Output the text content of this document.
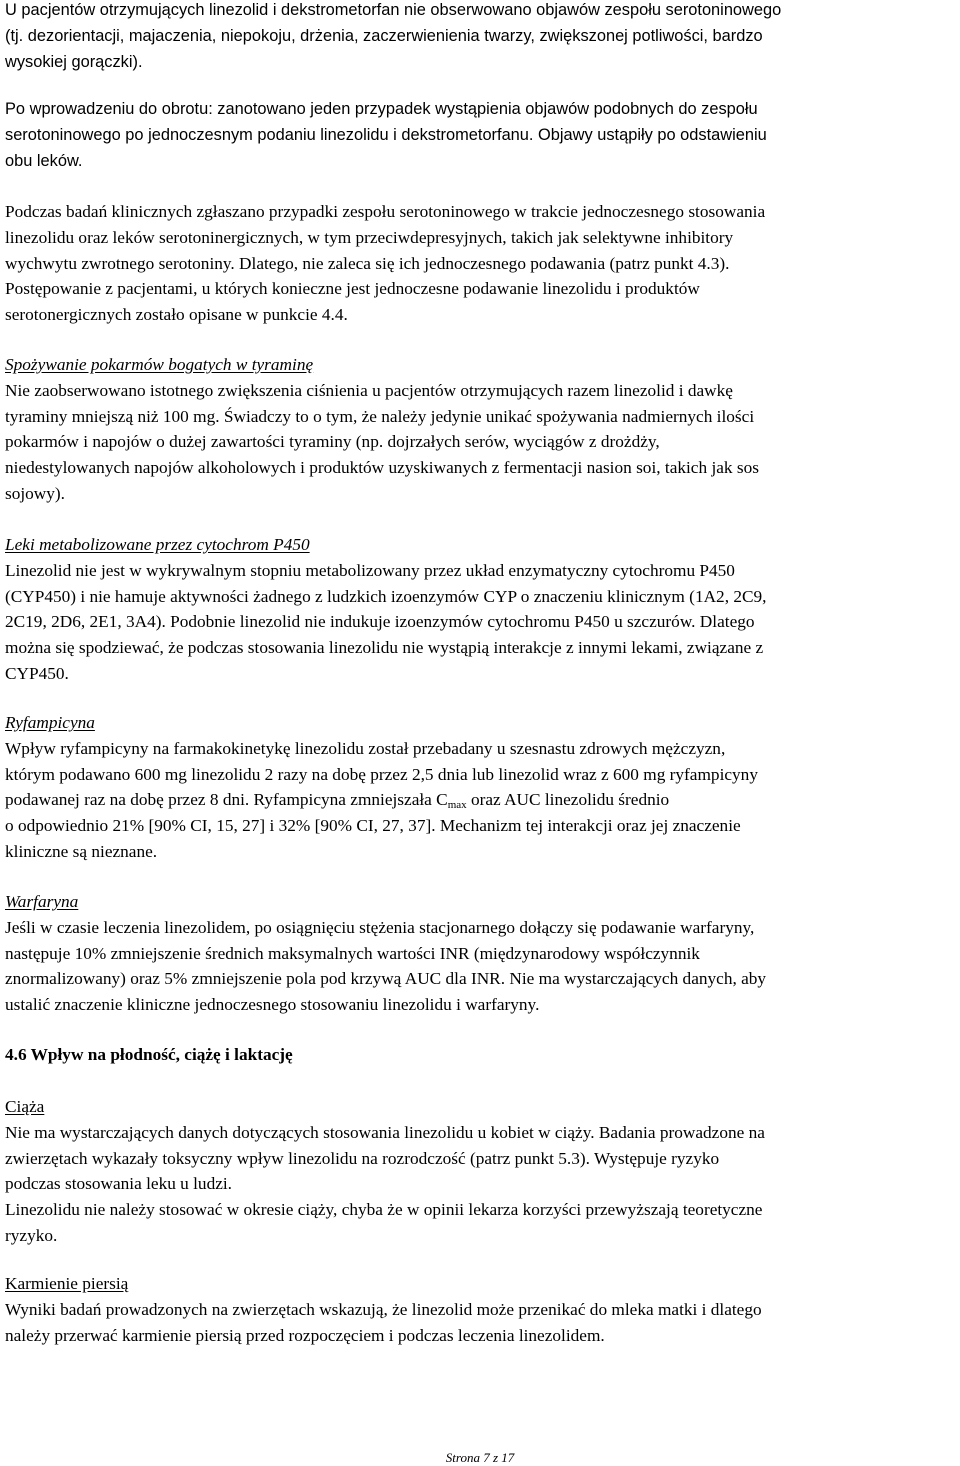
U pacjentów otrzymujących linezolid i dekstrometorfan nie obserwowano objawów zespołu serotoninowego
(tj. dezorientacji, majaczenia, niepokoju, drżenia, zaczerwienienia twarzy, zwiększonej potliwości, bardzo
wysokiej gorączki).
Po wprowadzeniu do obrotu: zanotowano jeden przypadek wystąpienia objawów podobnych do zespołu
serotoninowego po jednoczesnym podaniu linezolidu i dekstrometorfanu. Objawy ustąpiły po odstawieniu
obu leków.
Podczas badań klinicznych zgłaszano przypadki zespołu serotoninowego w trakcie jednoczesnego stosowania
linezolidu oraz leków serotoninergicznych, w tym przeciwdepresyjnych, takich jak selektywne inhibitory
wychwytu zwrotnego serotoniny. Dlatego, nie zaleca się ich jednoczesnego podawania (patrz punkt 4.3).
Postępowanie z pacjentami, u których konieczne jest jednoczesne podawanie linezolidu i produktów
serotonergicznych zostało opisane w punkcie 4.4.
Spożywanie pokarmów bogatych w tyraminę
Nie zaobserwowano istotnego zwiększenia ciśnienia u pacjentów otrzymujących razem linezolid i dawkę
tyraminy mniejszą niż 100 mg. Świadczy to o tym, że należy jedynie unikać spożywania nadmiernych ilości
pokarmów i napojów o dużej zawartości tyraminy (np. dojrzałych serów, wyciągów z drożdży,
niedestylowanych napojów alkoholowych i produktów uzyskiwanych z fermentacji nasion soi, takich jak sos
sojowy).
Leki metabolizowane przez cytochrom P450
Linezolid nie jest w wykrywalnym stopniu metabolizowany przez układ enzymatyczny cytochromu P450
(CYP450) i nie hamuje aktywności żadnego z ludzkich izoenzymów CYP o znaczeniu klinicznym (1A2, 2C9,
2C19, 2D6, 2E1, 3A4). Podobnie linezolid nie indukuje izoenzymów cytochromu P450 u szczurów. Dlatego
można się spodziewać, że podczas stosowania linezolidu nie wystąpią interakcje z innymi lekami, związane z
CYP450.
Ryfampicyna
Wpływ ryfampicyny na farmakokinetykę linezolidu został przebadany u szesnastu zdrowych mężczyzn,
którym podawano 600 mg linezolidu 2 razy na dobę przez 2,5 dnia lub linezolid wraz z 600 mg ryfampicyny
podawanej raz na dobę przez 8 dni. Ryfampicyna zmniejszała $C_{max}$ oraz AUC linezolidu średnio
o odpowiednio 21% [90% CI, 15, 27] i 32% [90% CI, 27, 37]. Mechanizm tej interakcji oraz jej znaczenie
kliniczne są nieznane.
Warfaryna
Jeśli w czasie leczenia linezolidem, po osiągnięciu stężenia stacjonarnego dołączy się podawanie warfaryny,
następuje 10% zmniejszenie średnich maksymalnych wartości INR (międzynarodowy współczynnik
znormalizowany) oraz 5% zmniejszenie pola pod krzywą AUC dla INR. Nie ma wystarczających danych, aby
ustalić znaczenie kliniczne jednoczesnego stosowaniu linezolidu i warfaryny.
4.6 Wpływ na płodność, ciążę i laktację
Ciąża
Nie ma wystarczających danych dotyczących stosowania linezolidu u kobiet w ciąży. Badania prowadzone na
zwierzętach wykazały toksyczny wpływ linezolidu na rozrodczość (patrz punkt 5.3). Występuje ryzyko
podczas stosowania leku u ludzi.
Linezolidu nie należy stosować w okresie ciąży, chyba że w opinii lekarza korzyści przewyższają teoretyczne
ryzyko.
Karmienie piersią
Wyniki badań prowadzonych na zwierzętach wskazują, że linezolid może przenikać do mleka matki i dlatego
należy przerwać karmienie piersią przed rozpoczęciem i podczas leczenia linezolidem.
Strona 7 z 17
